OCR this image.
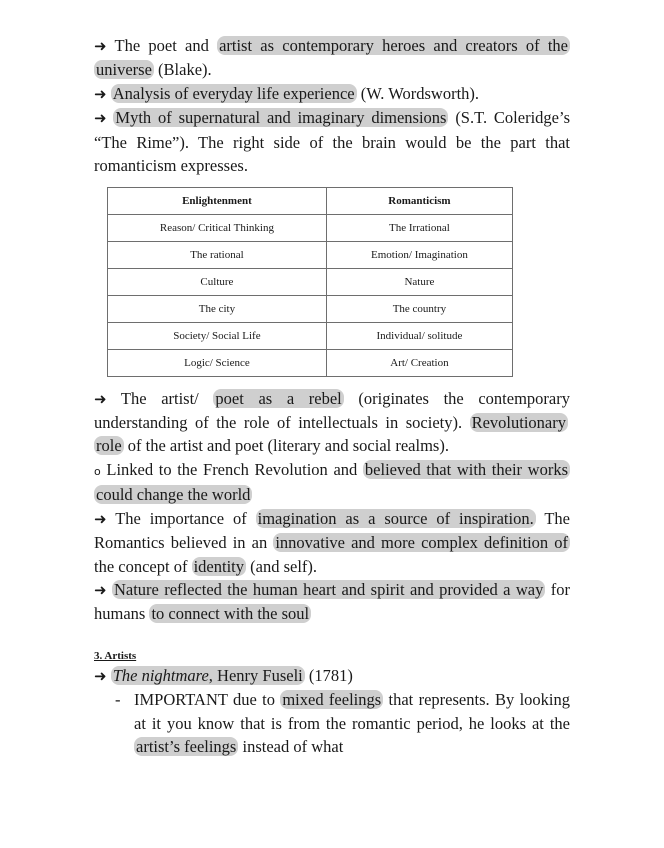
➜ The poet and artist as contemporary heroes and creators of the universe (Blake).

➜ Analysis of everyday life experience (W. Wordsworth).

➜ Myth of supernatural and imaginary dimensions (S.T. Coleridge’s “The Rime”). The right side of the brain would be the part that romanticism expresses.

Enlightenment	Romanticism
Reason/ Critical Thinking	The Irrational
The rational	Emotion/ Imagination
Culture	Nature
The city	The country
Society/ Social Life	Individual/ solitude
Logic/ Science	Art/ Creation

➜ The artist/ poet as a rebel (originates the contemporary understanding of the role of intellectuals in society). Revolutionary role of the artist and poet (literary and social realms).

o Linked to the French Revolution and believed that with their works could change the world

➜ The importance of imagination as a source of inspiration. The Romantics believed in an innovative and more complex definition of the concept of identity (and self).

➜ Nature reflected the human heart and spirit and provided a way for humans to connect with the soul

3. Artists

➜ The nightmare, Henry Fuseli (1781)

- IMPORTANT due to mixed feelings that represents. By looking at it you know that is from the romantic period, he looks at the artist’s feelings instead of what
